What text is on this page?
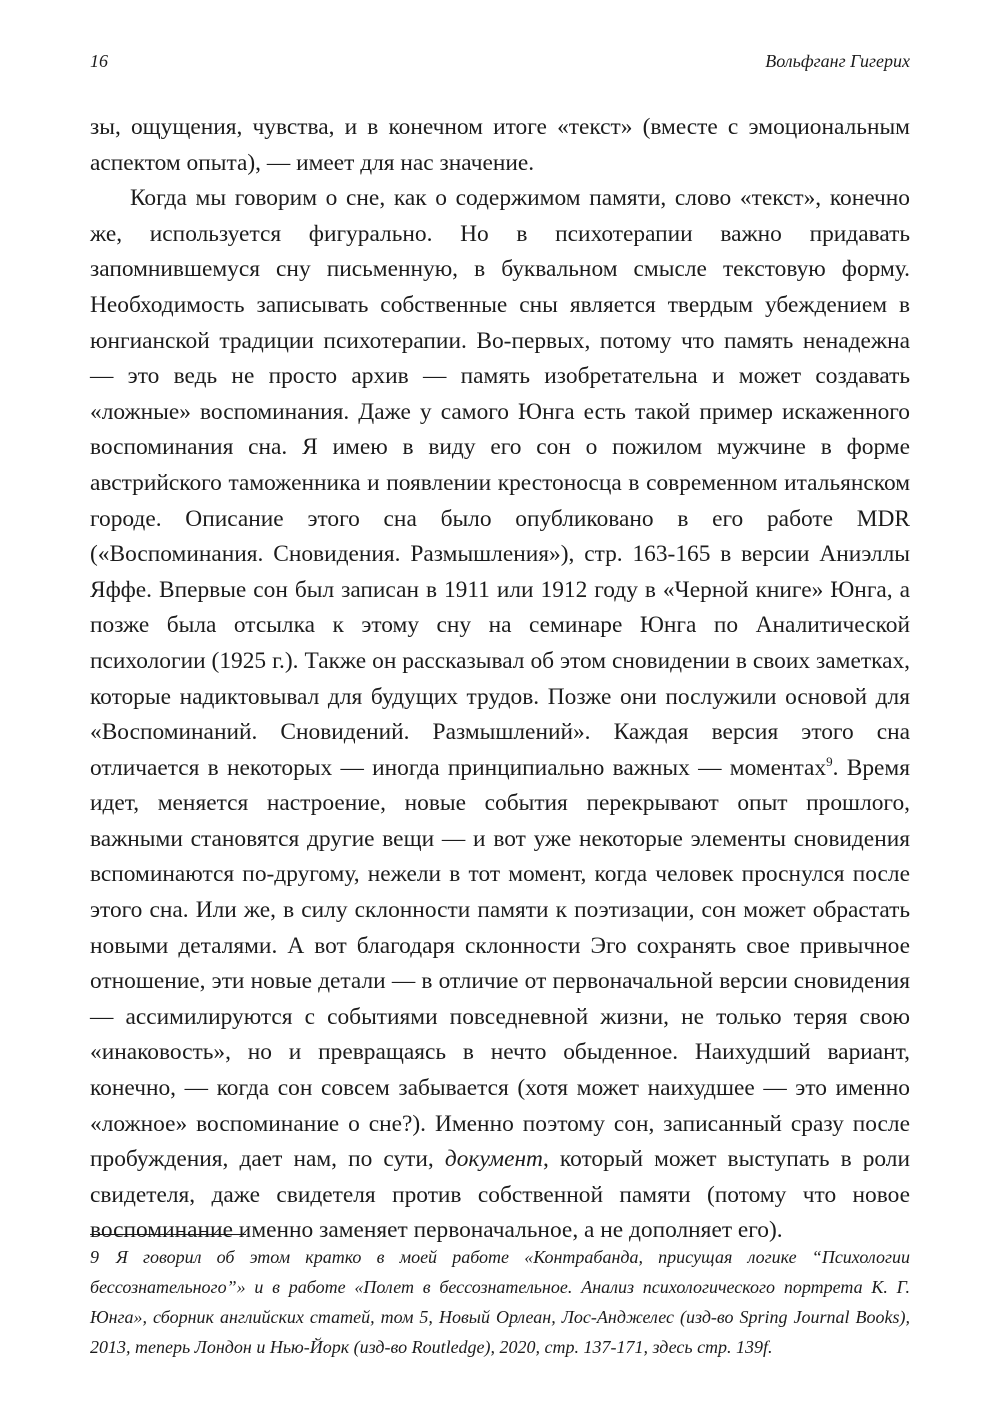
16	Вольфганг Гигерих

зы, ощущения, чувства, и в конечном итоге «текст» (вместе с эмоциональным аспектом опыта), — имеет для нас значение.

Когда мы говорим о сне, как о содержимом памяти, слово «текст», конечно же, используется фигурально. Но в психотерапии важно придавать запомнившемуся сну письменную, в буквальном смысле текстовую форму. Необходимость записывать собственные сны является твердым убеждением в юнгианской традиции психотерапии. Во-первых, потому что память ненадежна — это ведь не просто архив — память изобретательна и может создавать «ложные» воспоминания. Даже у самого Юнга есть такой пример искаженного воспоминания сна. Я имею в виду его сон о пожилом мужчине в форме австрийского таможенника и появлении крестоносца в современном итальянском городе. Описание этого сна было опубликовано в его работе MDR («Воспоминания. Сновидения. Размышления»), стр. 163-165 в версии Аниэллы Яффе. Впервые сон был записан в 1911 или 1912 году в «Черной книге» Юнга, а позже была отсылка к этому сну на семинаре Юнга по Аналитической психологии (1925 г.). Также он рассказывал об этом сновидении в своих заметках, которые надиктовывал для будущих трудов. Позже они послужили основой для «Воспоминаний. Сновидений. Размышлений». Каждая версия этого сна отличается в некоторых — иногда принципиально важных — моментах$^9$. Время идет, меняется настроение, новые события перекрывают опыт прошлого, важными становятся другие вещи — и вот уже некоторые элементы сновидения вспоминаются по-другому, нежели в тот момент, когда человек проснулся после этого сна. Или же, в силу склонности памяти к поэтизации, сон может обрастать новыми деталями. А вот благодаря склонности Эго сохранять свое привычное отношение, эти новые детали — в отличие от первоначальной версии сновидения — ассимилируются с событиями повседневной жизни, не только теряя свою «инаковость», но и превращаясь в нечто обыденное. Наихудший вариант, конечно, — когда сон совсем забывается (хотя может наихудшее — это именно «ложное» воспоминание о сне?). Именно поэтому сон, записанный сразу после пробуждения, дает нам, по сути, документ, который может выступать в роли свидетеля, даже свидетеля против собственной памяти (потому что новое воспоминание именно заменяет первоначальное, а не дополняет его).

9 Я говорил об этом кратко в моей работе «Контрабанда, присущая логике “Психологии бессознательного”» и в работе «Полет в бессознательное. Анализ психологического портрета К. Г. Юнга», сборник английских статей, том 5, Новый Орлеан, Лос-Анджелес (изд-во Spring Journal Books), 2013, теперь Лондон и Нью-Йорк (изд-во Routledge), 2020, стр. 137-171, здесь стр. 139f.
